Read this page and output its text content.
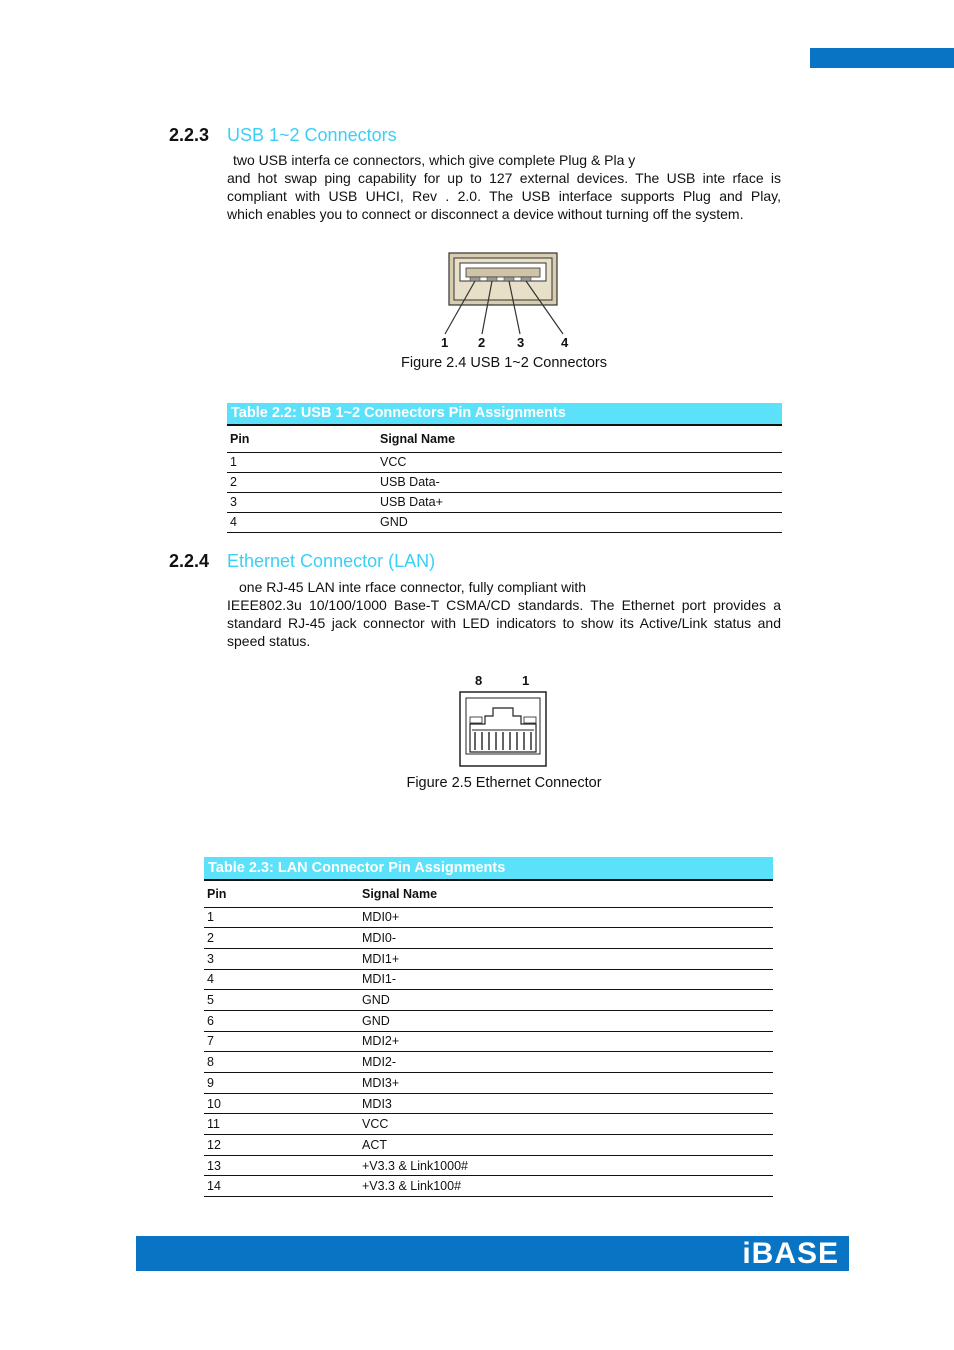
2.2.3 USB 1~2 Connectors
two USB interfa ce connectors, which give complete Plug & Pla y
and hot swap ping capability for up to 127 external devices. The USB inte rface is
compliant with USB UHCI, Rev . 2.0. The USB interface supports Plug and Play,
which enables you to connect or disconnect a device without turning off the system.
1 2 3	4
Figure 2.4 USB 1~2 Connectors
Table 2.2: USB 1~2 Connectors Pin Assignments
Pin	Signal Name
1	VCC
2	USB Data-
3	USB Data+
4	GND
2.2.4 Ethernet Connector (LAN)
one RJ-45 LAN inte rface connector, fully compliant with
IEEE802.3u 10/100/1000 Base-T CSMA/CD standards. The Ethernet port provides a
standard RJ-45 jack connector with LED indicators to show its Active/Link status and
speed status.
8	1
Figure 2.5 Ethernet Connector
Table 2.3: LAN Connector Pin Assignments
Pin	Signal Name
1	MDI0+
2	MDI0-
3	MDI1+
4	MDI1-
5	GND
6	GND
7	MDI2+
8	MDI2-
9	MDI3+
10	MDI3
11	VCC
12	ACT
13	+V3.3 & Link1000#
14	+V3.3 & Link100#
iBASE
